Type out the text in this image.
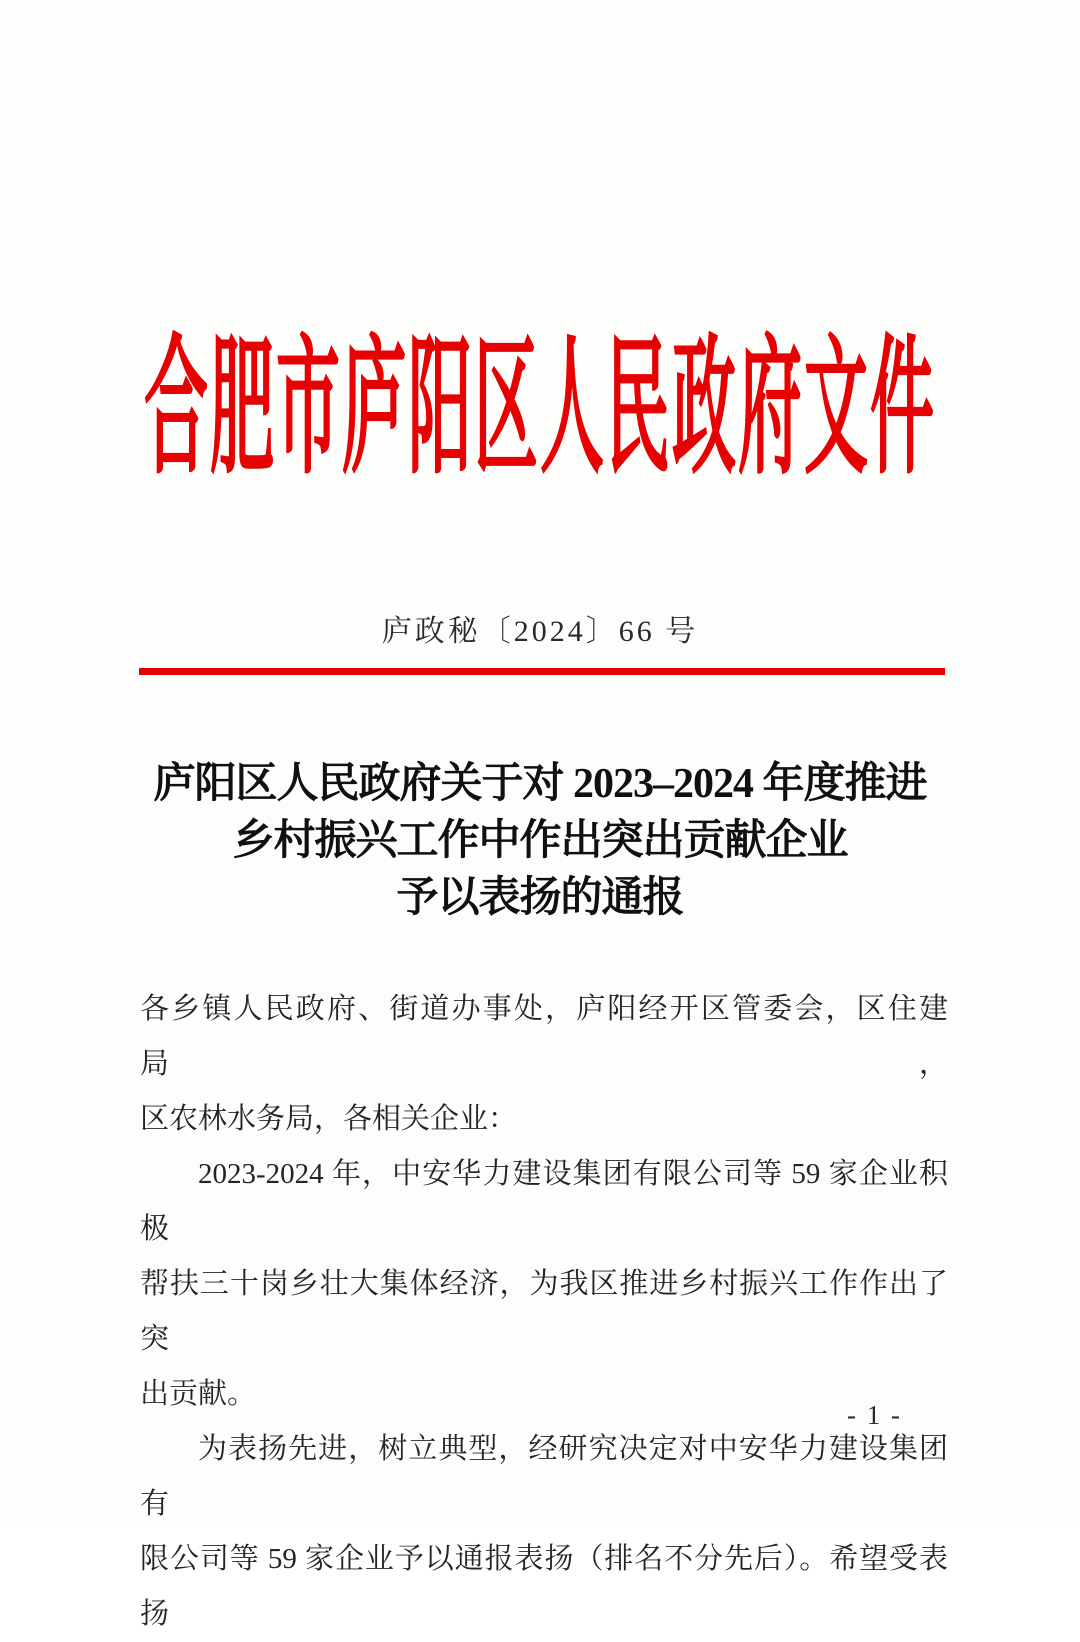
合肥市庐阳区人民政府文件
庐政秘〔2024〕66 号
庐阳区人民政府关于对 2023–2024 年度推进
乡村振兴工作中作出突出贡献企业
予以表扬的通报
各乡镇人民政府、街道办事处，庐阳经开区管委会，区住建局，
区农林水务局，各相关企业：
2023-2024 年，中安华力建设集团有限公司等 59 家企业积极
帮扶三十岗乡壮大集体经济，为我区推进乡村振兴工作作出了突
出贡献。
为表扬先进，树立典型，经研究决定对中安华力建设集团有
限公司等 59 家企业予以通报表扬（排名不分先后）。希望受表扬
- 1 -
